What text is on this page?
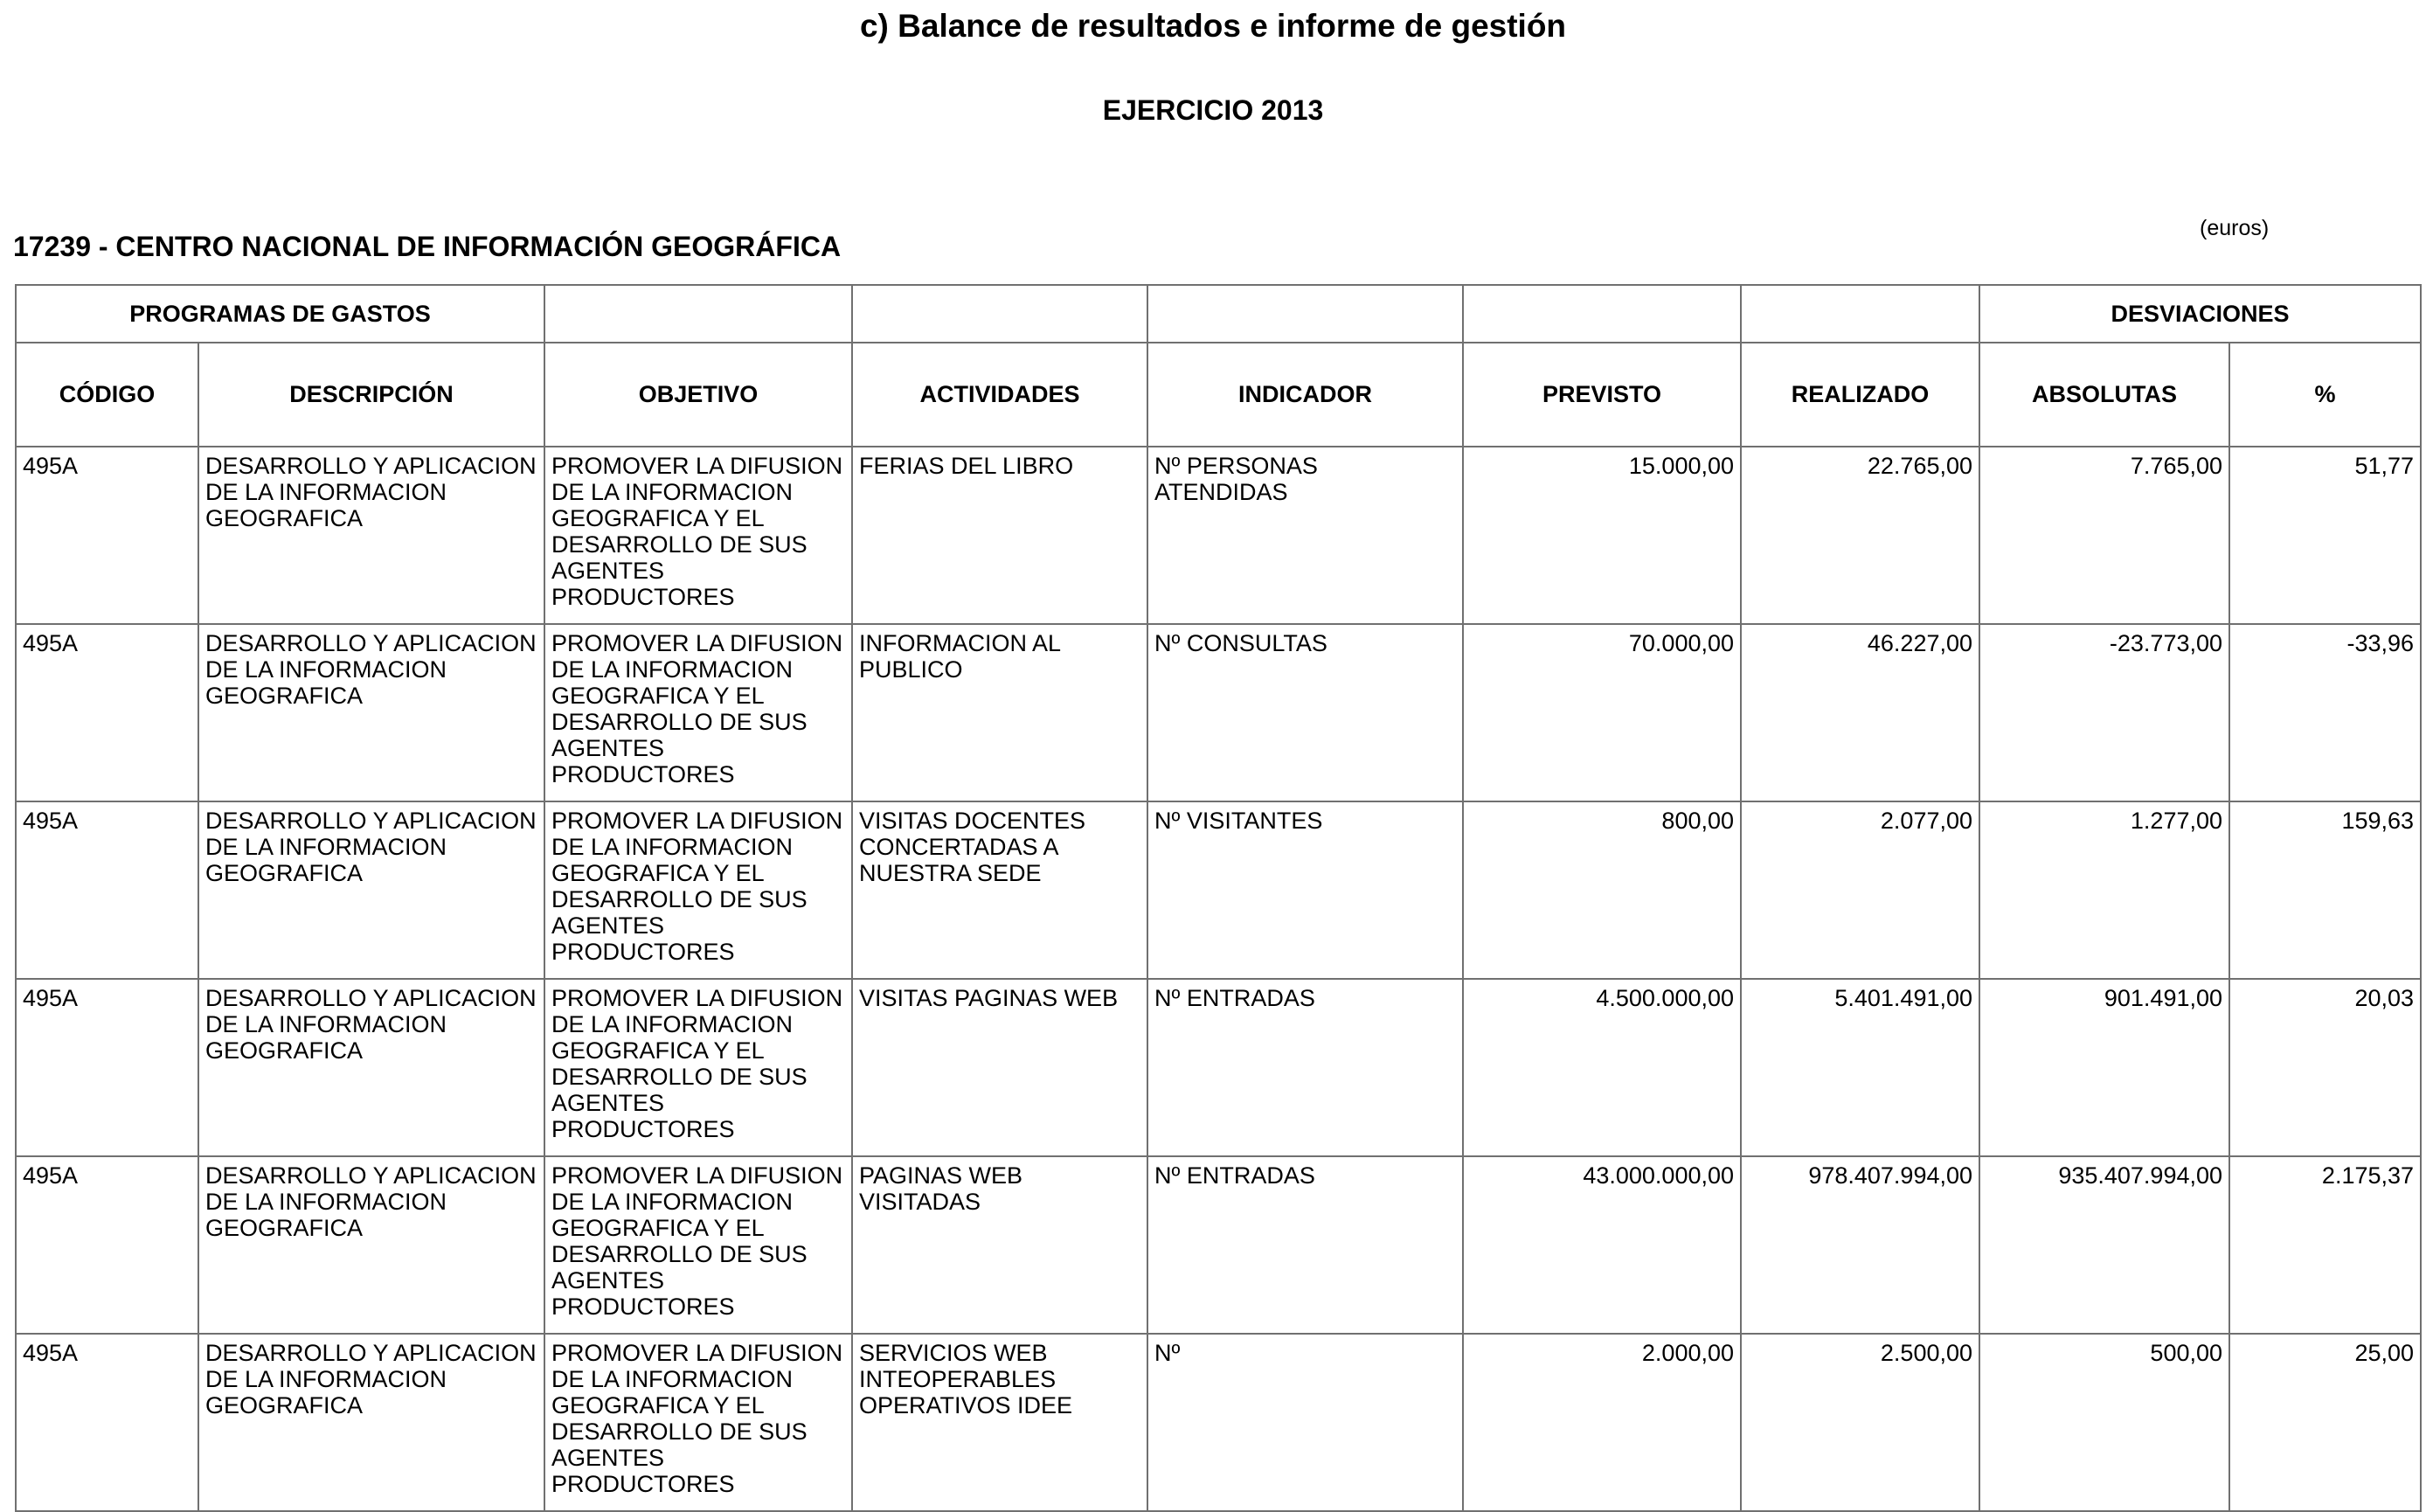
c) Balance de resultados e informe de gestión
EJERCICIO 2013
17239 - CENTRO NACIONAL DE INFORMACIÓN GEOGRÁFICA
(euros)
PROGRAMAS DE GASTOS							DESVIACIONES	
CÓDIGO	DESCRIPCIÓN	OBJETIVO	ACTIVIDADES	INDICADOR	PREVISTO	REALIZADO	ABSOLUTAS	%
495A	DESARROLLO Y APLICACION DE LA INFORMACION GEOGRAFICA	PROMOVER LA DIFUSION DE LA INFORMACION GEOGRAFICA Y EL DESARROLLO DE SUS AGENTES PRODUCTORES	FERIAS DEL LIBRO	Nº PERSONAS ATENDIDAS	15.000,00	22.765,00	7.765,00	51,77
495A	DESARROLLO Y APLICACION DE LA INFORMACION GEOGRAFICA	PROMOVER LA DIFUSION DE LA INFORMACION GEOGRAFICA Y EL DESARROLLO DE SUS AGENTES PRODUCTORES	INFORMACION AL PUBLICO	Nº CONSULTAS	70.000,00	46.227,00	-23.773,00	-33,96
495A	DESARROLLO Y APLICACION DE LA INFORMACION GEOGRAFICA	PROMOVER LA DIFUSION DE LA INFORMACION GEOGRAFICA Y EL DESARROLLO DE SUS AGENTES PRODUCTORES	VISITAS DOCENTES CONCERTADAS A NUESTRA SEDE	Nº VISITANTES	800,00	2.077,00	1.277,00	159,63
495A	DESARROLLO Y APLICACION DE LA INFORMACION GEOGRAFICA	PROMOVER LA DIFUSION DE LA INFORMACION GEOGRAFICA Y EL DESARROLLO DE SUS AGENTES PRODUCTORES	VISITAS PAGINAS WEB	Nº ENTRADAS	4.500.000,00	5.401.491,00	901.491,00	20,03
495A	DESARROLLO Y APLICACION DE LA INFORMACION GEOGRAFICA	PROMOVER LA DIFUSION DE LA INFORMACION GEOGRAFICA Y EL DESARROLLO DE SUS AGENTES PRODUCTORES	PAGINAS WEB VISITADAS	Nº ENTRADAS	43.000.000,00	978.407.994,00	935.407.994,00	2.175,37
495A	DESARROLLO Y APLICACION DE LA INFORMACION GEOGRAFICA	PROMOVER LA DIFUSION DE LA INFORMACION GEOGRAFICA Y EL DESARROLLO DE SUS AGENTES PRODUCTORES	SERVICIOS WEB INTEOPERABLES OPERATIVOS IDEE	Nº	2.000,00	2.500,00	500,00	25,00
